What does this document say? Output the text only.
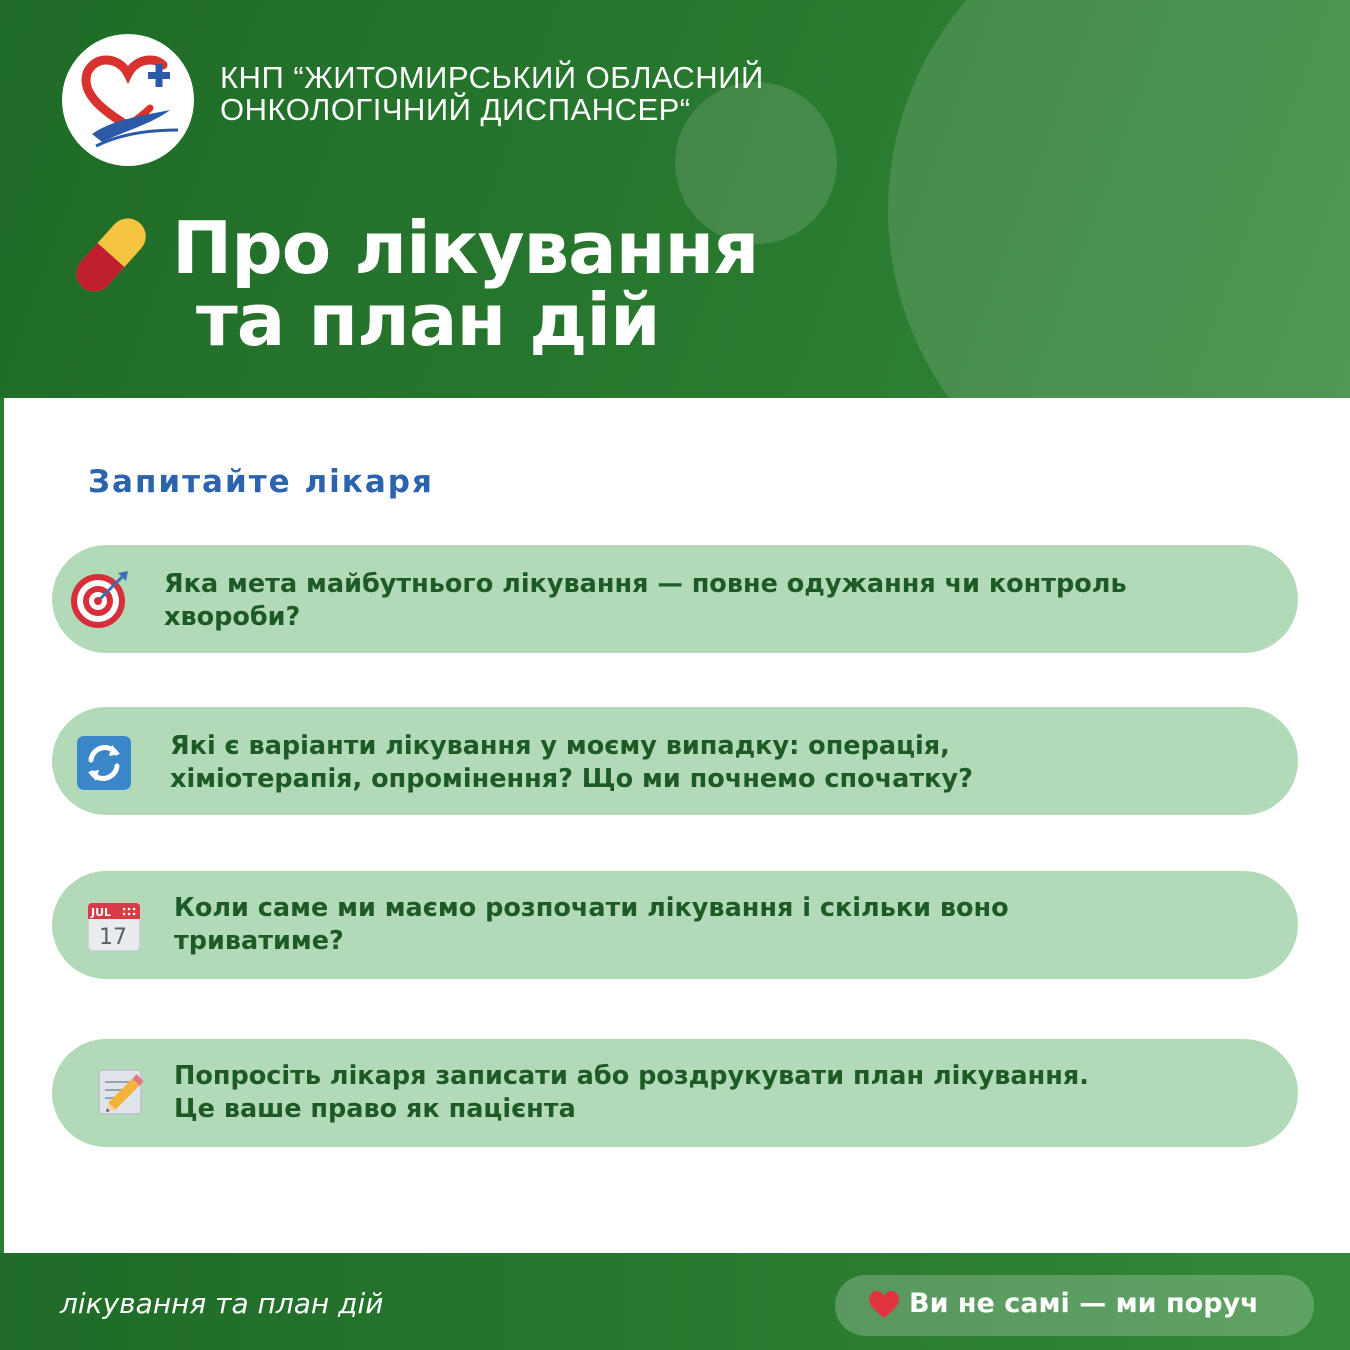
КНП “ЖИТОМИРСЬКИЙ ОБЛАСНИЙ
ОНКОЛОГІЧНИЙ ДИСПАНСЕР“
Про лікування
та план дій
Запитайте лікаря
Яка мета майбутнього лікування — повне одужання чи контроль
хвороби?
Які є варіанти лікування у моєму випадку: операція,
хіміотерапія, опромінення? Що ми почнемо спочатку?
JUL
17
Коли саме ми маємо розпочати лікування і скільки воно
триватиме?
Попросіть лікаря записати або роздрукувати план лікування.
Це ваше право як пацієнта
лікування та план дій	Ви не самі — ми поруч
